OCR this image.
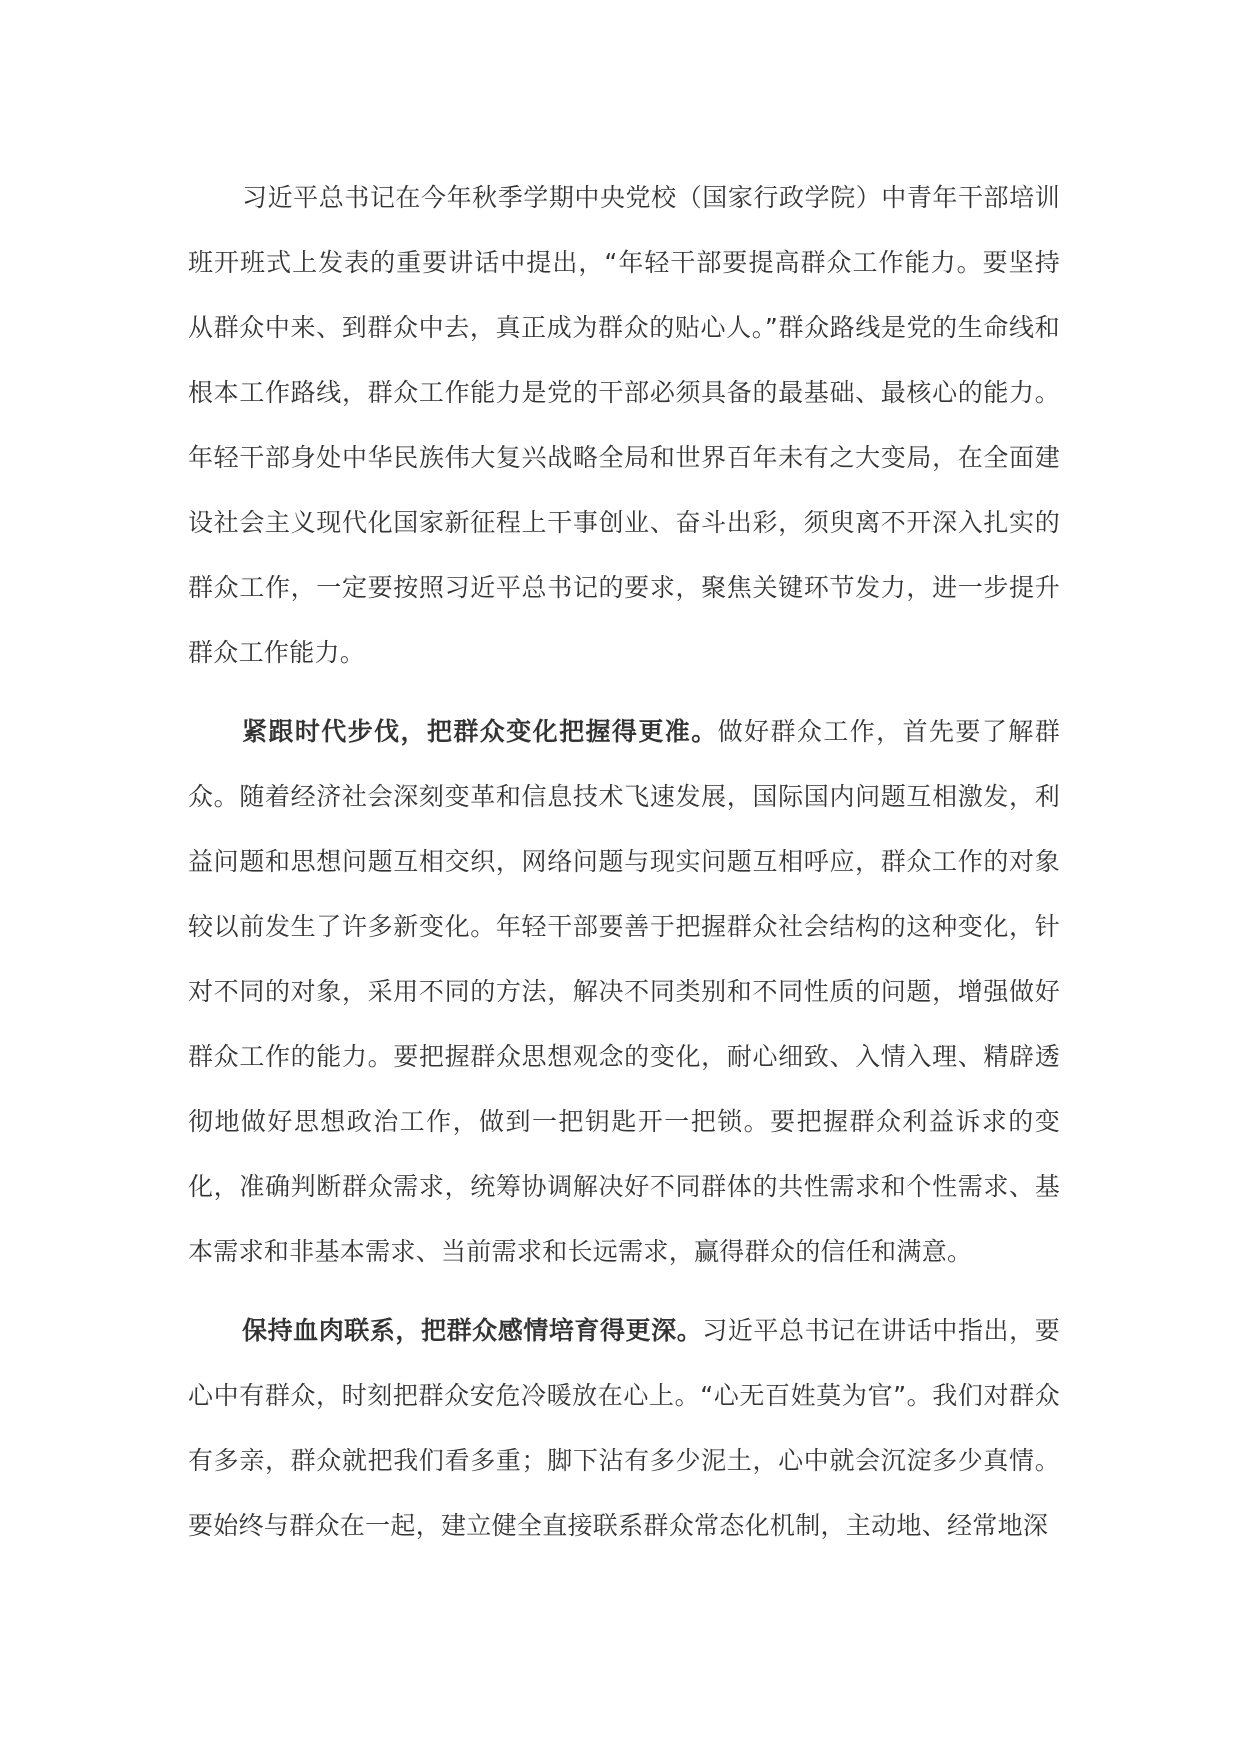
习近平总书记在今年秋季学期中央党校（国家行政学院）中青年干部培训班开班式上发表的重要讲话中提出，“年轻干部要提高群众工作能力。要坚持从群众中来、到群众中去，真正成为群众的贴心人。”群众路线是党的生命线和根本工作路线，群众工作能力是党的干部必须具备的最基础、最核心的能力。年轻干部身处中华民族伟大复兴战略全局和世界百年未有之大变局，在全面建设社会主义现代化国家新征程上干事创业、奋斗出彩，须臾离不开深入扎实的群众工作，一定要按照习近平总书记的要求，聚焦关键环节发力，进一步提升群众工作能力。

紧跟时代步伐，把群众变化把握得更准。做好群众工作，首先要了解群众。随着经济社会深刻变革和信息技术飞速发展，国际国内问题互相激发，利益问题和思想问题互相交织，网络问题与现实问题互相呼应，群众工作的对象较以前发生了许多新变化。年轻干部要善于把握群众社会结构的这种变化，针对不同的对象，采用不同的方法，解决不同类别和不同性质的问题，增强做好群众工作的能力。要把握群众思想观念的变化，耐心细致、入情入理、精辟透彻地做好思想政治工作，做到一把钥匙开一把锁。要把握群众利益诉求的变化，准确判断群众需求，统筹协调解决好不同群体的共性需求和个性需求、基本需求和非基本需求、当前需求和长远需求，赢得群众的信任和满意。

保持血肉联系，把群众感情培育得更深。习近平总书记在讲话中指出，要心中有群众，时刻把群众安危冷暖放在心上。“心无百姓莫为官”。我们对群众有多亲，群众就把我们看多重；脚下沾有多少泥土，心中就会沉淀多少真情。要始终与群众在一起，建立健全直接联系群众常态化机制，主动地、经常地深
